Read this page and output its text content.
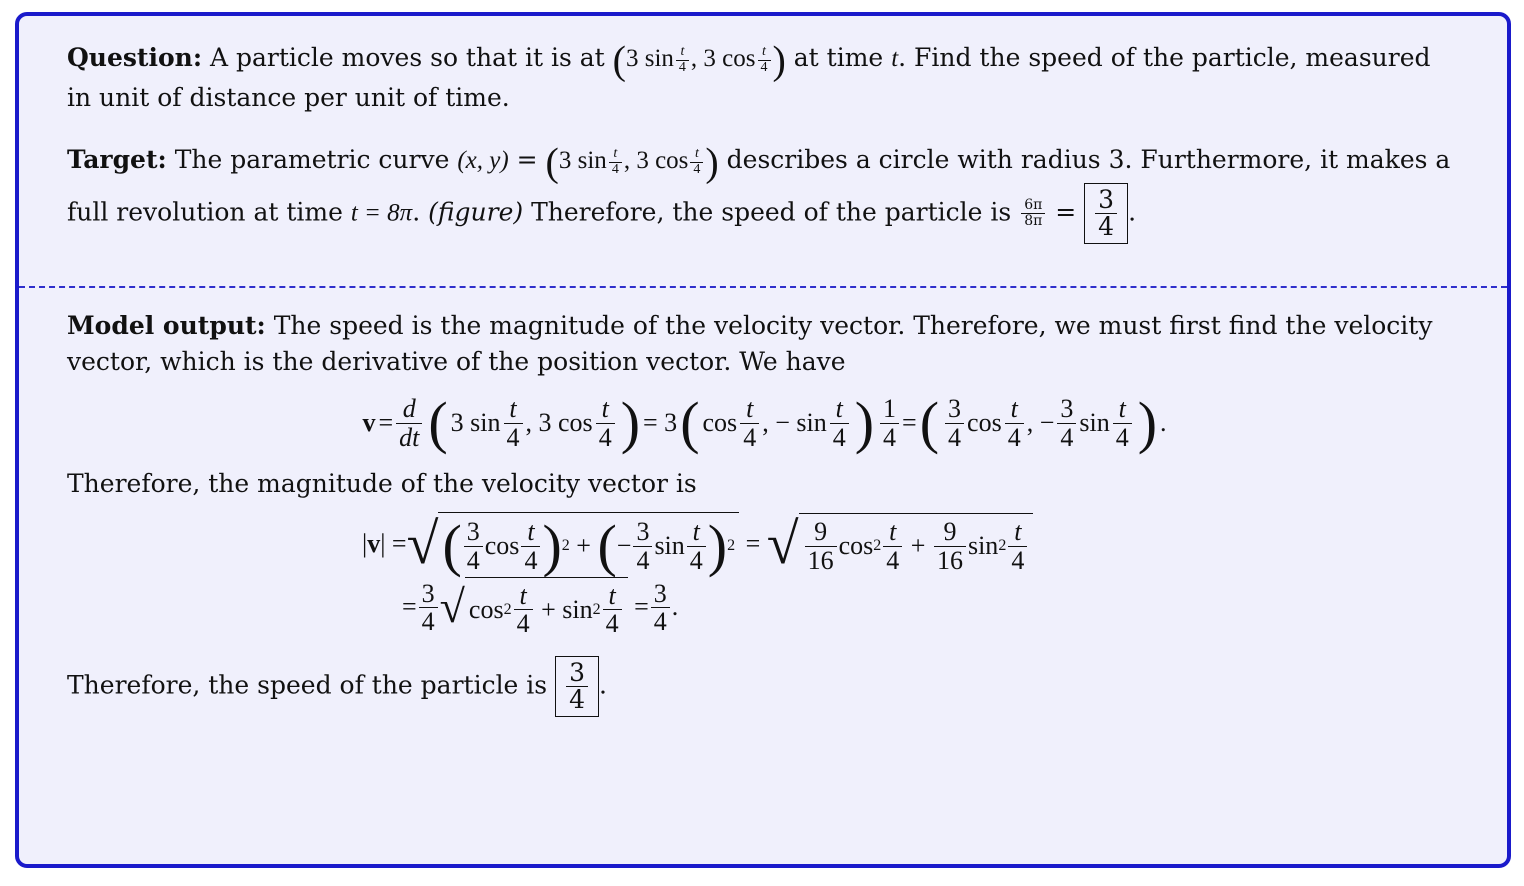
Question: A particle moves so that it is at (3 $\sin \frac{t}{4}$ , 3 $\cos \frac{t}{4}$ ) at time t. Find the speed of the particle, measured in unit of distance per unit of time.

Target: The parametric curve (x, y) = (3 $\sin \frac{t}{4}$ , 3 $\cos \frac{t}{4}$ ) describes a circle with radius 3. Furthermore, it makes a full revolution at time t = 8π. (figure) Therefore, the speed of the particle is $\frac{6\pi}{8\pi} = \frac{3}{4}$ .

Model output: The speed is the magnitude of the velocity vector. Therefore, we must first find the velocity vector, which is the derivative of the position vector. We have

$v = \frac{d}{dt}$ ( 3 $\sin \frac{t}{4}$ , 3 $\cos \frac{t}{4}$ ) = 3 ( $\cos \frac{t}{4}$ , − $\sin \frac{t}{4}$ ) $\frac{1}{4}$ = ( $\frac{3}{4}$ $\cos \frac{t}{4}$ , − $\frac{3}{4}$ $\sin \frac{t}{4}$ ) .

Therefore, the magnitude of the velocity vector is

| v | = √ ( $\frac{3}{4}$ $\cos \frac{t}{4}$ ) 2 + ( − $\frac{3}{4}$ $\sin \frac{t}{4}$ ) 2 = √ $\frac{9}{16}$ $\cos 2 \frac{t}{4} + \frac{9}{16}$ $\sin 2 \frac{t}{4}$
= $\frac{3}{4}$ √ $\cos 2 \frac{t}{4} + \sin 2 \frac{t}{4} = \frac{3}{4}$ .

Therefore, the speed of the particle is $\frac{3}{4}$ .
